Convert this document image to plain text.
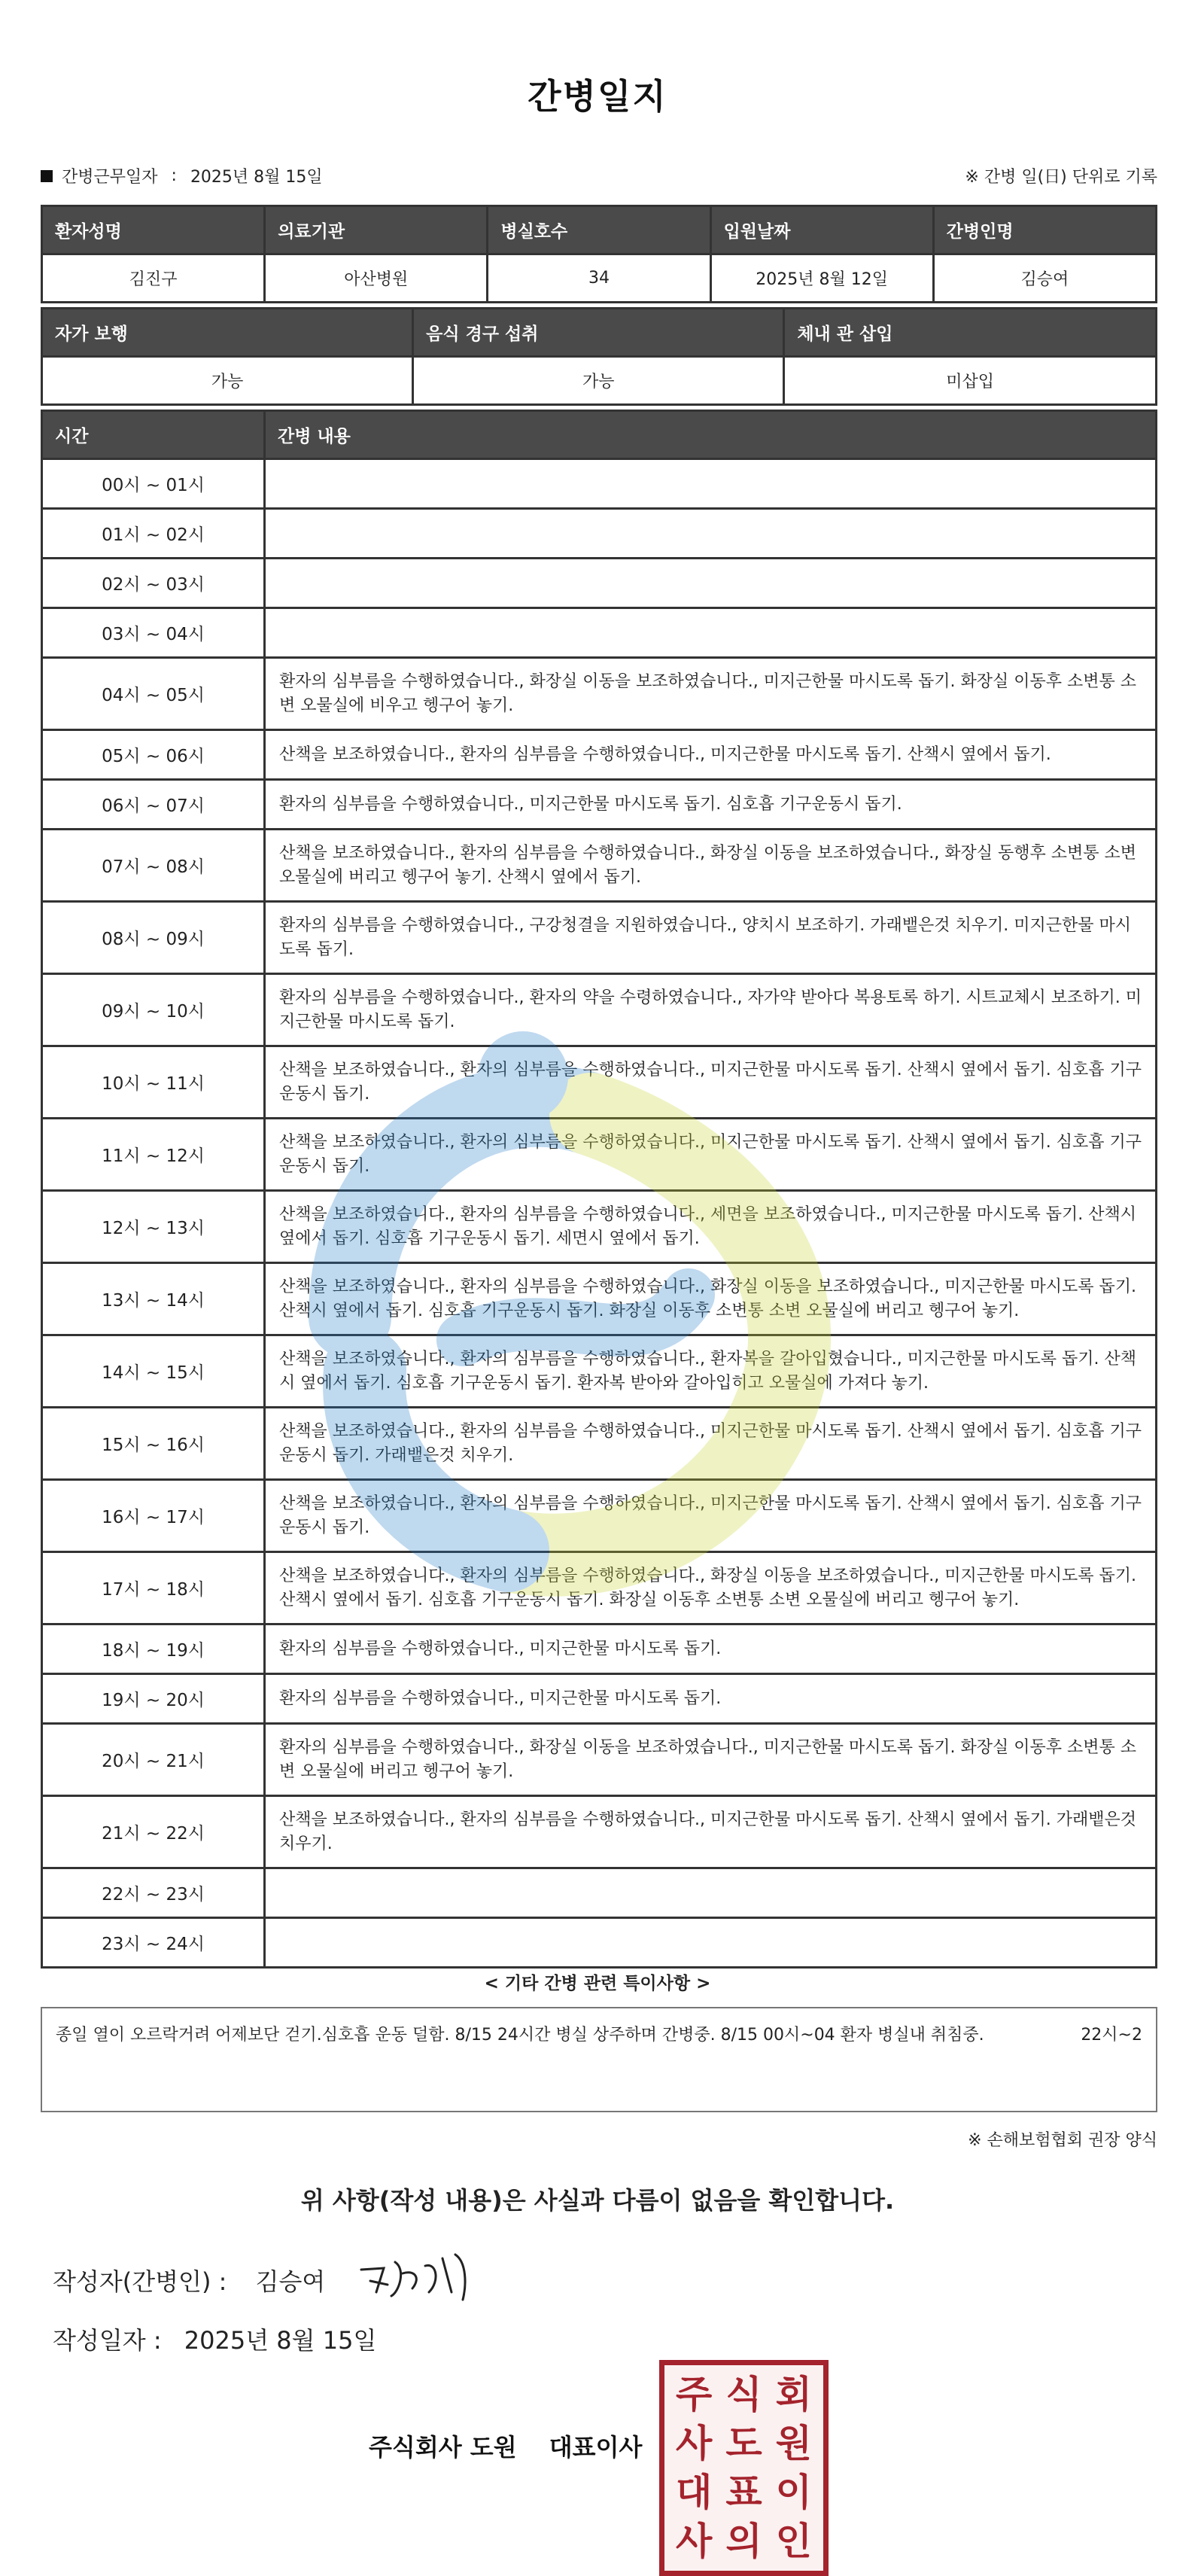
간병일지
간병근무일자 : 2025년 8월 15일	※ 간병 일(日) 단위로 기록
환자성명	의료기관	병실호수	입원날짜	간병인명
김진구	아산병원	34	2025년 8월 12일	김승여
자가 보행	음식 경구 섭취	체내 관 삽입
가능	가능	미삽입
시간	간병 내용
00시 ~ 01시	
01시 ~ 02시	
02시 ~ 03시	
03시 ~ 04시	
04시 ~ 05시	환자의 심부름을 수행하였습니다., 화장실 이동을 보조하였습니다., 미지근한물 마시도록 돕기. 화장실 이동후 소변통 소변 오물실에 비우고 헹구어 놓기.
05시 ~ 06시	산책을 보조하였습니다., 환자의 심부름을 수행하였습니다., 미지근한물 마시도록 돕기. 산책시 옆에서 돕기.
06시 ~ 07시	환자의 심부름을 수행하였습니다., 미지근한물 마시도록 돕기. 심호흡 기구운동시 돕기.
07시 ~ 08시	산책을 보조하였습니다., 환자의 심부름을 수행하였습니다., 화장실 이동을 보조하였습니다., 화장실 동행후 소변통 소변 오물실에 버리고 헹구어 놓기. 산책시 옆에서 돕기.
08시 ~ 09시	환자의 심부름을 수행하였습니다., 구강청결을 지원하였습니다., 양치시 보조하기. 가래뱉은것 치우기. 미지근한물 마시도록 돕기.
09시 ~ 10시	환자의 심부름을 수행하였습니다., 환자의 약을 수령하였습니다., 자가약 받아다 복용토록 하기. 시트교체시 보조하기. 미지근한물 마시도록 돕기.
10시 ~ 11시	산책을 보조하였습니다., 환자의 심부름을 수행하였습니다., 미지근한물 마시도록 돕기. 산책시 옆에서 돕기. 심호흡 기구운동시 돕기.
11시 ~ 12시	산책을 보조하였습니다., 환자의 심부름을 수행하였습니다., 미지근한물 마시도록 돕기. 산책시 옆에서 돕기. 심호흡 기구운동시 돕기.
12시 ~ 13시	산책을 보조하였습니다., 환자의 심부름을 수행하였습니다., 세면을 보조하였습니다., 미지근한물 마시도록 돕기. 산책시 옆에서 돕기. 심호흡 기구운동시 돕기. 세면시 옆에서 돕기.
13시 ~ 14시	산책을 보조하였습니다., 환자의 심부름을 수행하였습니다., 화장실 이동을 보조하였습니다., 미지근한물 마시도록 돕기. 산책시 옆에서 돕기. 심호흡 기구운동시 돕기. 화장실 이동후 소변통 소변 오물실에 버리고 헹구어 놓기.
14시 ~ 15시	산책을 보조하였습니다., 환자의 심부름을 수행하였습니다., 환자복을 갈아입혔습니다., 미지근한물 마시도록 돕기. 산책시 옆에서 돕기. 심호흡 기구운동시 돕기. 환자복 받아와 갈아입히고 오물실에 가져다 놓기.
15시 ~ 16시	산책을 보조하였습니다., 환자의 심부름을 수행하였습니다., 미지근한물 마시도록 돕기. 산책시 옆에서 돕기. 심호흡 기구운동시 돕기. 가래뱉은것 치우기.
16시 ~ 17시	산책을 보조하였습니다., 환자의 심부름을 수행하였습니다., 미지근한물 마시도록 돕기. 산책시 옆에서 돕기. 심호흡 기구운동시 돕기.
17시 ~ 18시	산책을 보조하였습니다., 환자의 심부름을 수행하였습니다., 화장실 이동을 보조하였습니다., 미지근한물 마시도록 돕기. 산책시 옆에서 돕기. 심호흡 기구운동시 돕기. 화장실 이동후 소변통 소변 오물실에 버리고 헹구어 놓기.
18시 ~ 19시	환자의 심부름을 수행하였습니다., 미지근한물 마시도록 돕기.
19시 ~ 20시	환자의 심부름을 수행하였습니다., 미지근한물 마시도록 돕기.
20시 ~ 21시	환자의 심부름을 수행하였습니다., 화장실 이동을 보조하였습니다., 미지근한물 마시도록 돕기. 화장실 이동후 소변통 소변 오물실에 버리고 헹구어 놓기.
21시 ~ 22시	산책을 보조하였습니다., 환자의 심부름을 수행하였습니다., 미지근한물 마시도록 돕기. 산책시 옆에서 돕기. 가래뱉은것 치우기.
22시 ~ 23시	
23시 ~ 24시	
< 기타 간병 관련 특이사항 >
종일 열이 오르락거려 어제보단 걷기.심호흡 운동 덜함. 8/15 24시간 병실 상주하며 간병중. 8/15 00시~04 환자 병실내 취침중.	22시~2
※ 손해보험협회 권장 양식
위 사항(작성 내용)은 사실과 다름이 없음을 확인합니다.
작성자(간병인) : 김승여
작성일자 : 2025년 8월 15일
주식회사 도원 대표이사
주 식 회
사 도 원
대 표 이
사 의 인
